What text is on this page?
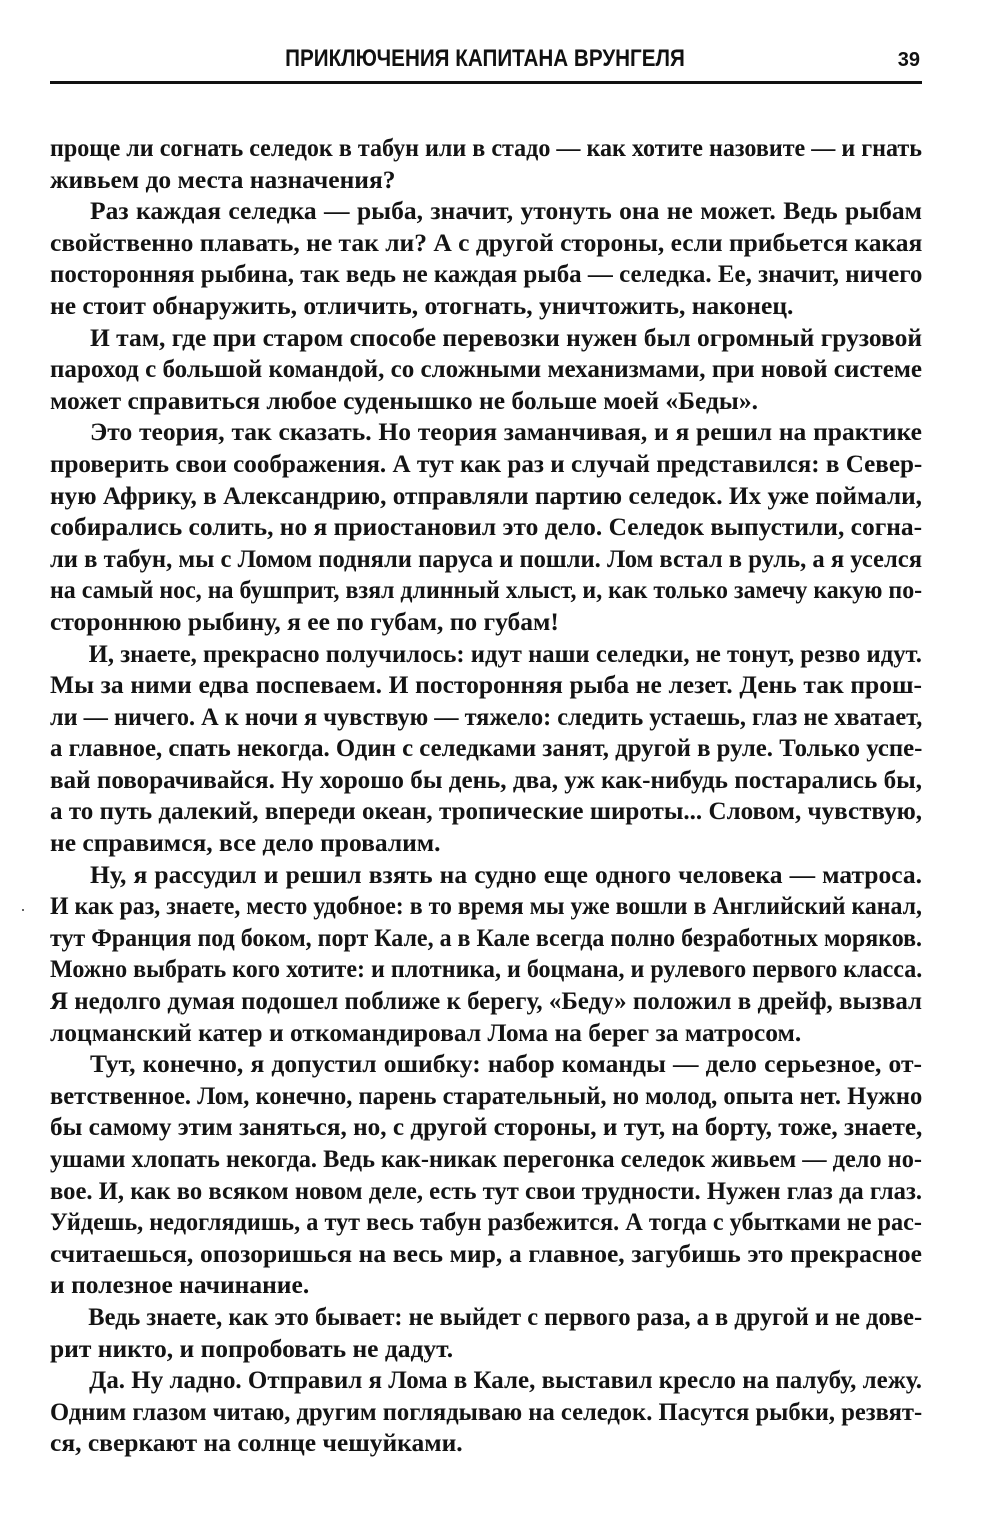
ПРИКЛЮЧЕНИЯ КАПИТАНА ВРУНГЕЛЯ	39
проще ли согнать селедок в табун или в стадо — как хотите назовите — и гнать
живьем до места назначения?
Раз каждая селедка — рыба, значит, утонуть она не может. Ведь рыбам
свойственно плавать, не так ли? А с другой стороны, если прибьется какая
посторонняя рыбина, так ведь не каждая рыба — селедка. Ее, значит, ничего
не стоит обнаружить, отличить, отогнать, уничтожить, наконец.
И там, где при старом способе перевозки нужен был огромный грузовой
пароход с большой командой, со сложными механизмами, при новой системе
может справиться любое суденышко не больше моей «Беды».
Это теория, так сказать. Но теория заманчивая, и я решил на практике
проверить свои соображения. А тут как раз и случай представился: в Север-
ную Африку, в Александрию, отправляли партию селедок. Их уже поймали,
собирались солить, но я приостановил это дело. Селедок выпустили, согна-
ли в табун, мы с Ломом подняли паруса и пошли. Лом встал в руль, а я уселся
на самый нос, на бушприт, взял длинный хлыст, и, как только замечу какую по-
стороннюю рыбину, я ее по губам, по губам!
И, знаете, прекрасно получилось: идут наши селедки, не тонут, резво идут.
Мы за ними едва поспеваем. И посторонняя рыба не лезет. День так прош-
ли — ничего. А к ночи я чувствую — тяжело: следить устаешь, глаз не хватает,
а главное, спать некогда. Один с селедками занят, другой в руле. Только успе-
вай поворачивайся. Ну хорошо бы день, два, уж как-нибудь постарались бы,
а то путь далекий, впереди океан, тропические широты... Словом, чувствую,
не справимся, все дело провалим.
Ну, я рассудил и решил взять на судно еще одного человека — матроса.
И как раз, знаете, место удобное: в то время мы уже вошли в Английский канал,
тут Франция под боком, порт Кале, а в Кале всегда полно безработных моряков.
Можно выбрать кого хотите: и плотника, и боцмана, и рулевого первого класса.
Я недолго думая подошел поближе к берегу, «Беду» положил в дрейф, вызвал
лоцманский катер и откомандировал Лома на берег за матросом.
Тут, конечно, я допустил ошибку: набор команды — дело серьезное, от-
ветственное. Лом, конечно, парень старательный, но молод, опыта нет. Нужно
бы самому этим заняться, но, с другой стороны, и тут, на борту, тоже, знаете,
ушами хлопать некогда. Ведь как-никак перегонка селедок живьем — дело но-
вое. И, как во всяком новом деле, есть тут свои трудности. Нужен глаз да глаз.
Уйдешь, недоглядишь, а тут весь табун разбежится. А тогда с убытками не рас-
считаешься, опозоришься на весь мир, а главное, загубишь это прекрасное
и полезное начинание.
Ведь знаете, как это бывает: не выйдет с первого раза, а в другой и не дове-
рит никто, и попробовать не дадут.
Да. Ну ладно. Отправил я Лома в Кале, выставил кресло на палубу, лежу.
Одним глазом читаю, другим поглядываю на селедок. Пасутся рыбки, резвят-
ся, сверкают на солнце чешуйками.
